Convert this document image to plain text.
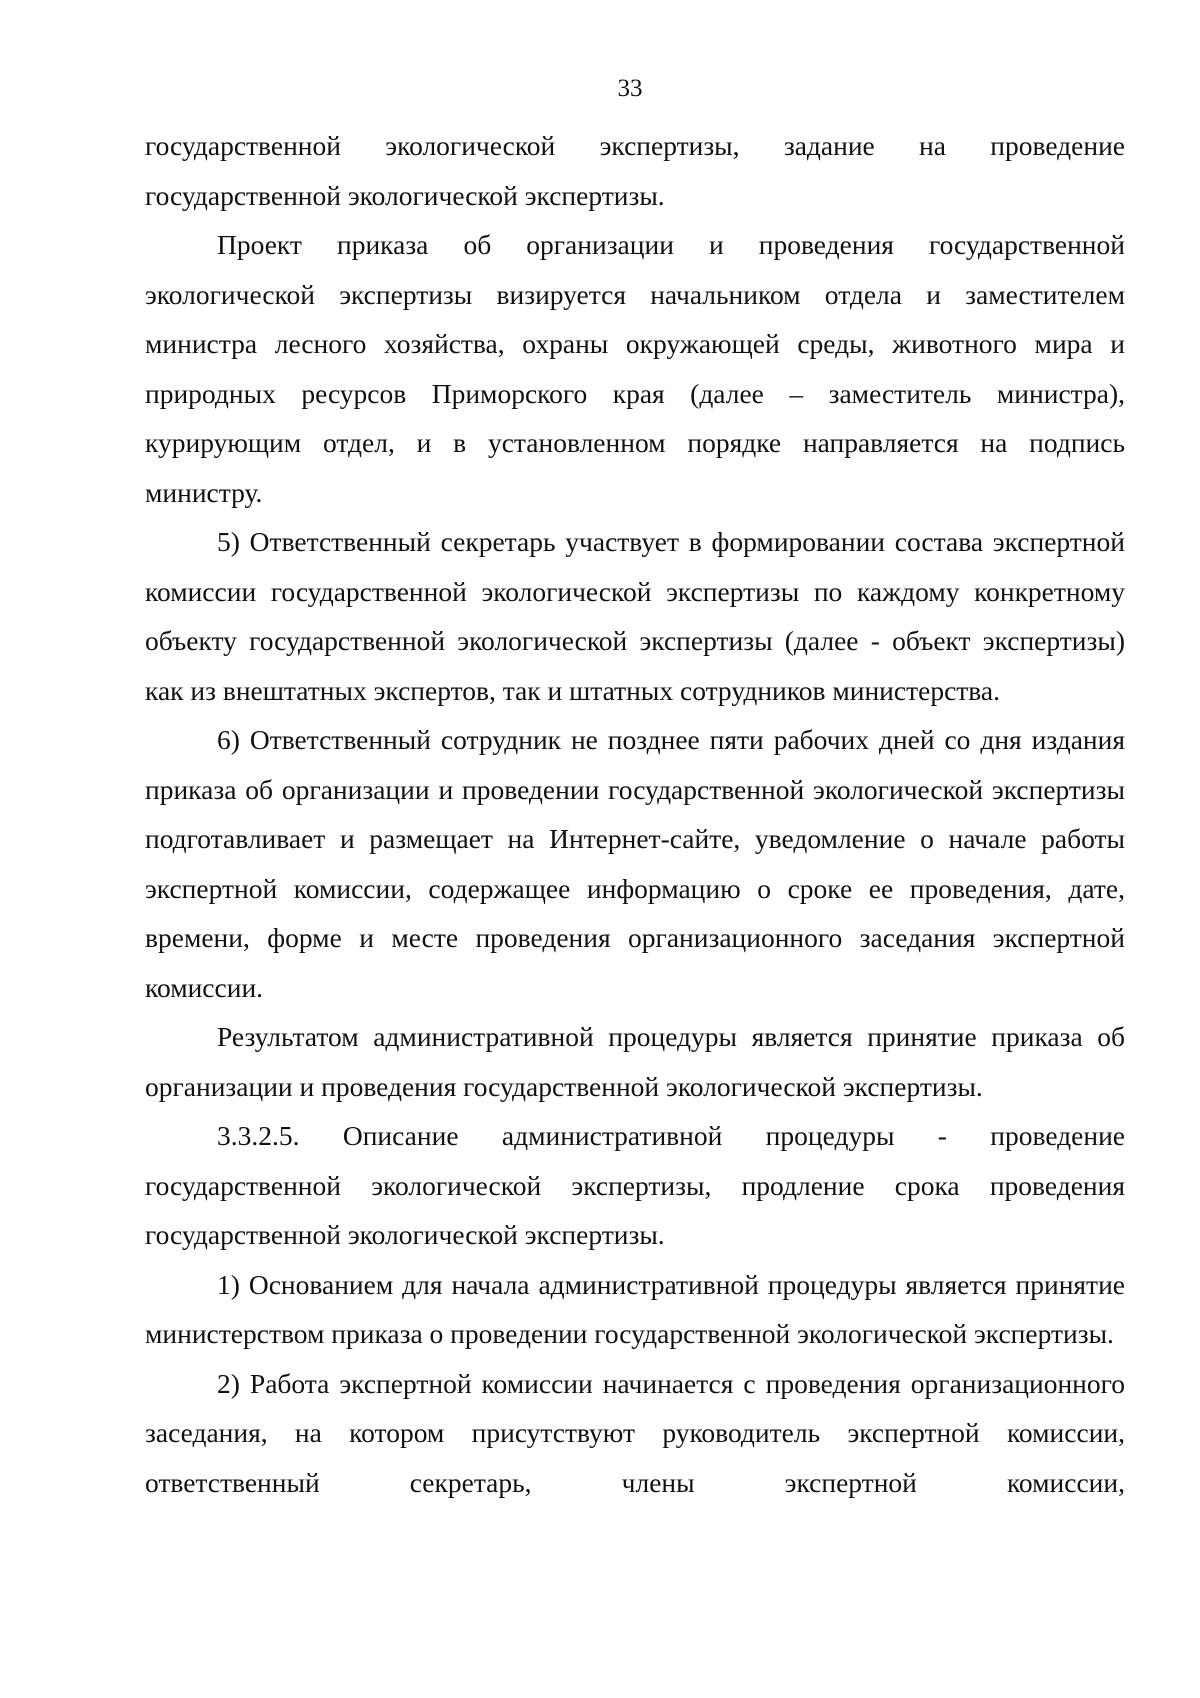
33

государственной экологической экспертизы, задание на проведение государственной экологической экспертизы.

Проект приказа об организации и проведения государственной экологической экспертизы визируется начальником отдела и заместителем министра лесного хозяйства, охраны окружающей среды, животного мира и природных ресурсов Приморского края (далее – заместитель министра), курирующим отдел, и в установленном порядке направляется на подпись министру.

5) Ответственный секретарь участвует в формировании состава экспертной комиссии государственной экологической экспертизы по каждому конкретному объекту государственной экологической экспертизы (далее - объект экспертизы) как из внештатных экспертов, так и штатных сотрудников министерства.

6) Ответственный сотрудник не позднее пяти рабочих дней со дня издания приказа об организации и проведении государственной экологической экспертизы подготавливает и размещает на Интернет-сайте, уведомление о начале работы экспертной комиссии, содержащее информацию о сроке ее проведения, дате, времени, форме и месте проведения организационного заседания экспертной комиссии.

Результатом административной процедуры является принятие приказа об организации и проведения государственной экологической экспертизы.

3.3.2.5. Описание административной процедуры - проведение государственной экологической экспертизы, продление срока проведения государственной экологической экспертизы.

1) Основанием для начала административной процедуры является принятие министерством приказа о проведении государственной экологической экспертизы.

2) Работа экспертной комиссии начинается с проведения организационного заседания, на котором присутствуют руководитель экспертной комиссии, ответственный секретарь, члены экспертной комиссии,
